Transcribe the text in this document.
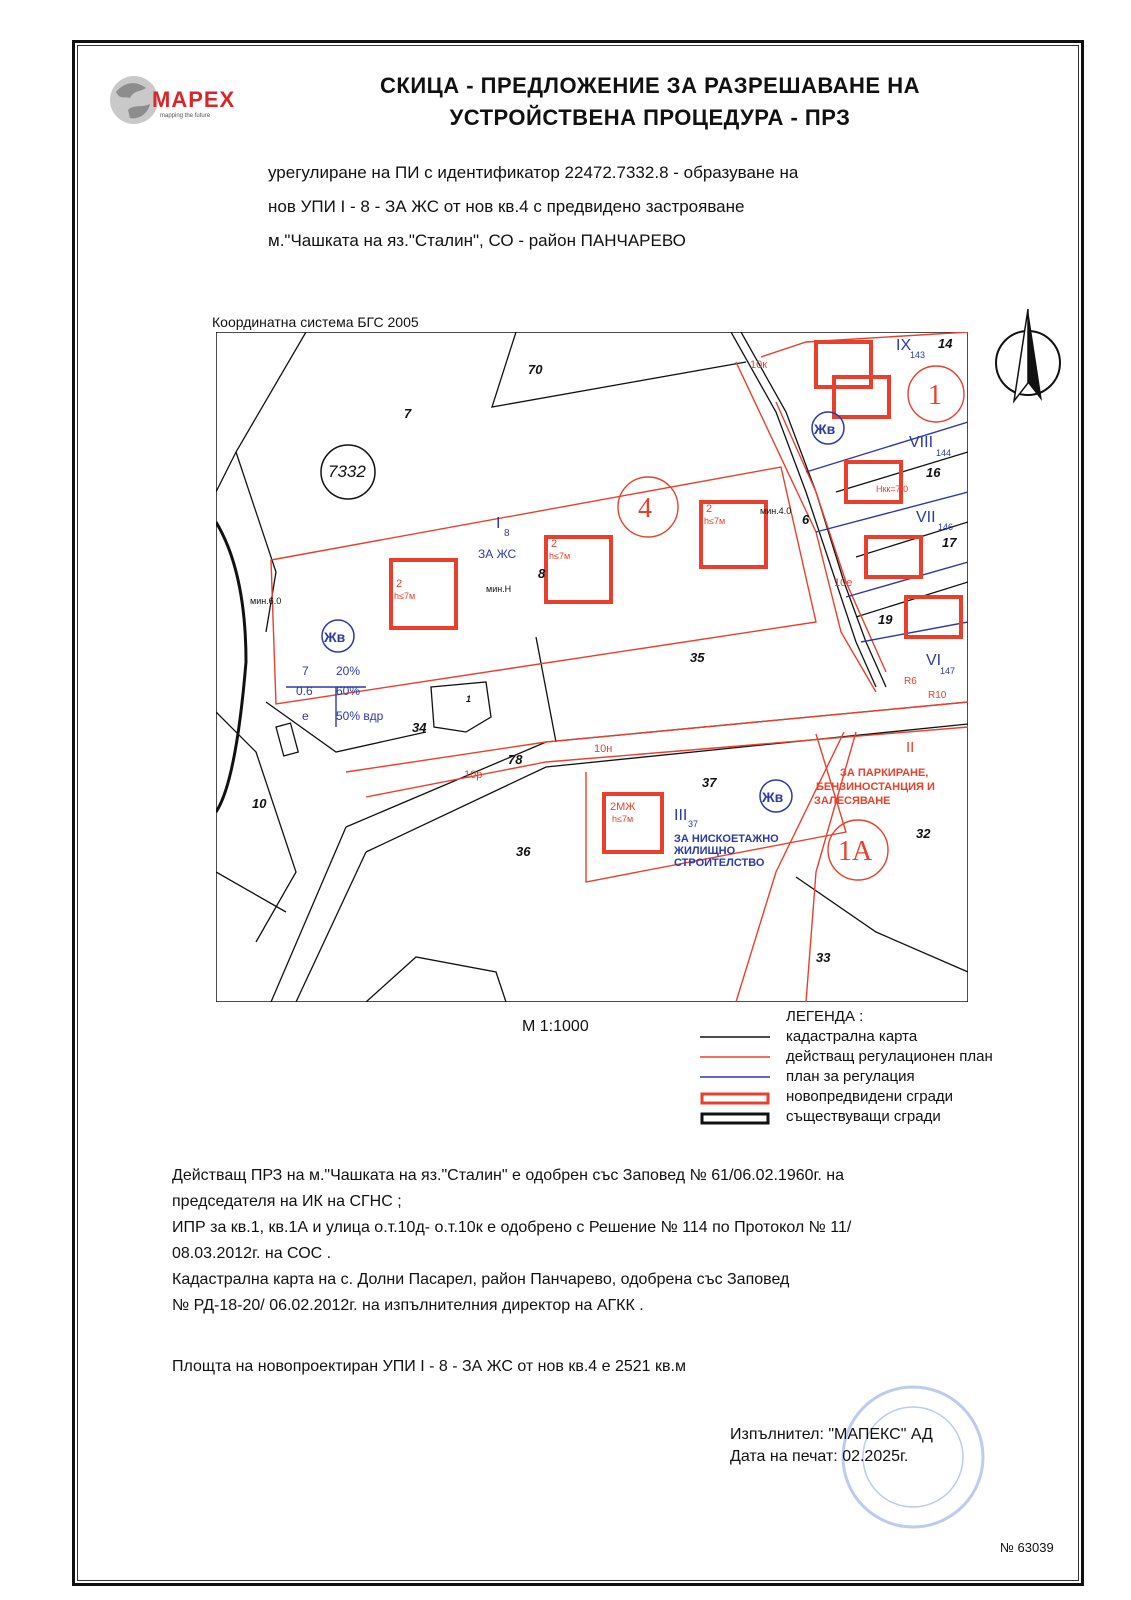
MAPEX
mapping the future
СКИЦА - ПРЕДЛОЖЕНИЕ ЗА РАЗРЕШАВАНЕ НА
УСТРОЙСТВЕНА ПРОЦЕДУРА - ПРЗ
урегулиране на ПИ с идентификатор 22472.7332.8 - образуване на
нов УПИ I - 8 - ЗА ЖС от нов кв.4 с предвидено застрояване
м."Чашката на яз."Сталин", СО - район ПАНЧАРЕВО
Координатна система БГС 2005
70
7
35
34
10
36
37
33
32
14
16
17
19
6
8
78
1
7332
4
1
1А
I
8
ЗА ЖС
IX
143
VIII
144
VII
146
VI
147
III 37
ЗА НИСКОЕТАЖНО
ЖИЛИЩНО
СТРОИТЕЛСТВО
Жв
Жв
Жв
7 20%
0.6 60%
е 50% вдр
II
ЗА ПАРКИРАНЕ,
БЕНЗИНОСТАНЦИЯ И
ЗАЛЕСЯВАНЕ
2
h≤7м
2
h≤7м
2
h≤7м
2МЖ
h≤7м
Нкк=7.0
мин.6.0
мин.Н
мин.4.0
10к
10е
10н
10р
R6
R10
М 1:1000
ЛЕГЕНДА :
кадастрална карта
действащ регулационен план
план за регулация
новопредвидени сгради
съществуващи сгради

Действащ ПРЗ на м."Чашката на яз."Сталин" е одобрен със Заповед № 61/06.02.1960г. на

председателя на ИК на СГНС ;

ИПР за кв.1, кв.1А и улица о.т.10д- о.т.10к е одобрено с Решение № 114 по Протокол № 11/

08.03.2012г. на СОС .

Кадастрална карта на с. Долни Пасарел, район Панчарево, одобрена със Заповед

№ РД-18-20/ 06.02.2012г. на изпълнителния директор на АГКК .

Площта на новопроектиран УПИ I - 8 - ЗА ЖС от нов кв.4 е 2521 кв.м
Изпълнител: "МАПЕКС" АД
Дата на печат: 02.2025г.
№ 63039
